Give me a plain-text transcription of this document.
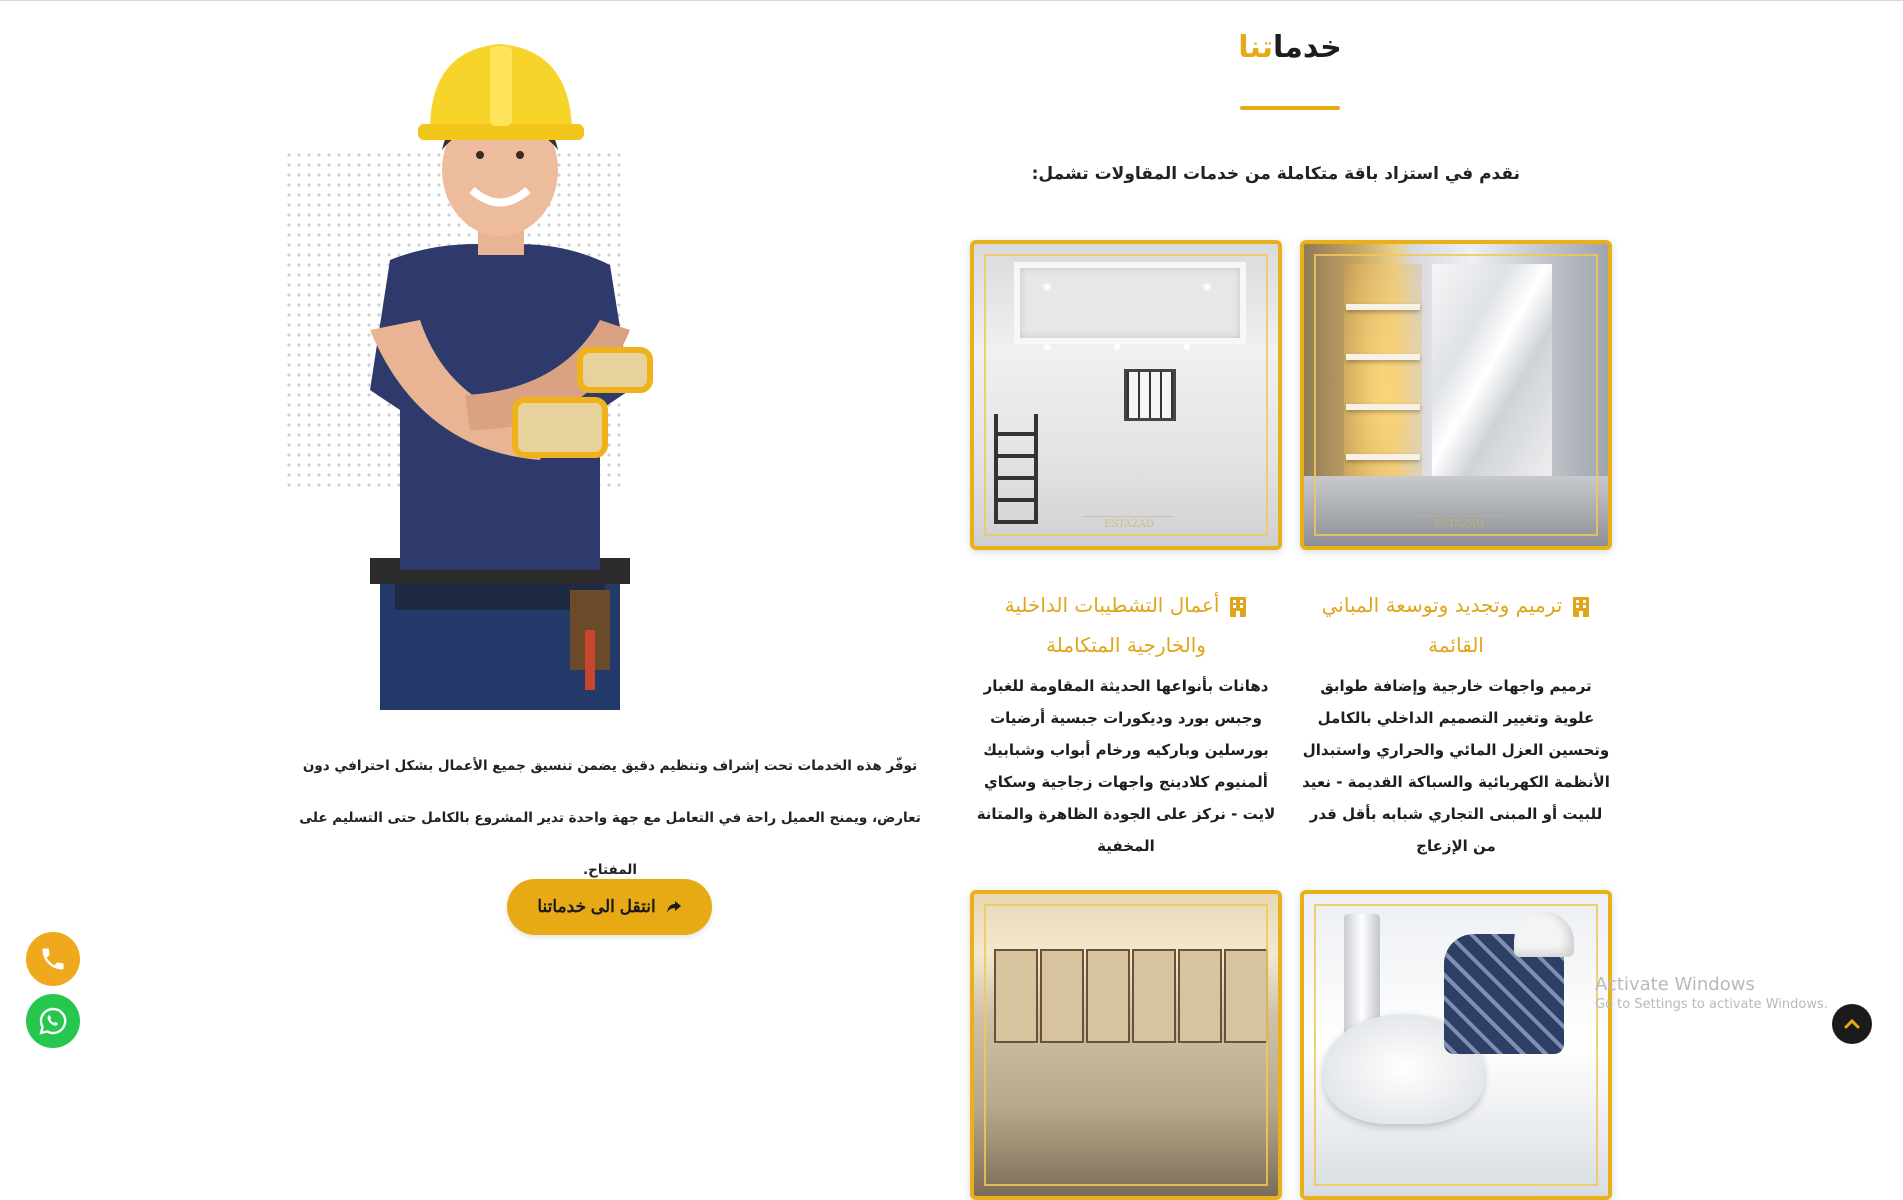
خدماتنا
نقدم في استزاد باقة متكاملة من خدمات المقاولات تشمل:
ESTAZAD
ترميم وتجديد وتوسعة المباني القائمة
ترميم واجهات خارجية وإضافة طوابق علوية وتغيير التصميم الداخلي بالكامل وتحسين العزل المائي والحراري واستبدال الأنظمة الكهربائية والسباكة القديمة - نعيد للبيت أو المبنى التجاري شبابه بأقل قدر من الإزعاج
ESTAZAD
أعمال التشطيبات الداخلية والخارجية المتكاملة
دهانات بأنواعها الحديثة المقاومة للغبار وجبس بورد وديكورات جبسية أرضيات بورسلين وباركيه ورخام أبواب وشبابيك ألمنيوم كلادينج واجهات زجاجية وسكاي لايت - نركز على الجودة الظاهرة والمتانة المخفية
توفّر هذه الخدمات تحت إشراف وتنظيم دقيق يضمن تنسيق جميع الأعمال بشكل احترافي دون تعارض، ويمنح العميل راحة في التعامل مع جهة واحدة تدير المشروع بالكامل حتى التسليم على المفتاح.
انتقل الى خدماتنا
Activate Windows
Go to Settings to activate Windows.
